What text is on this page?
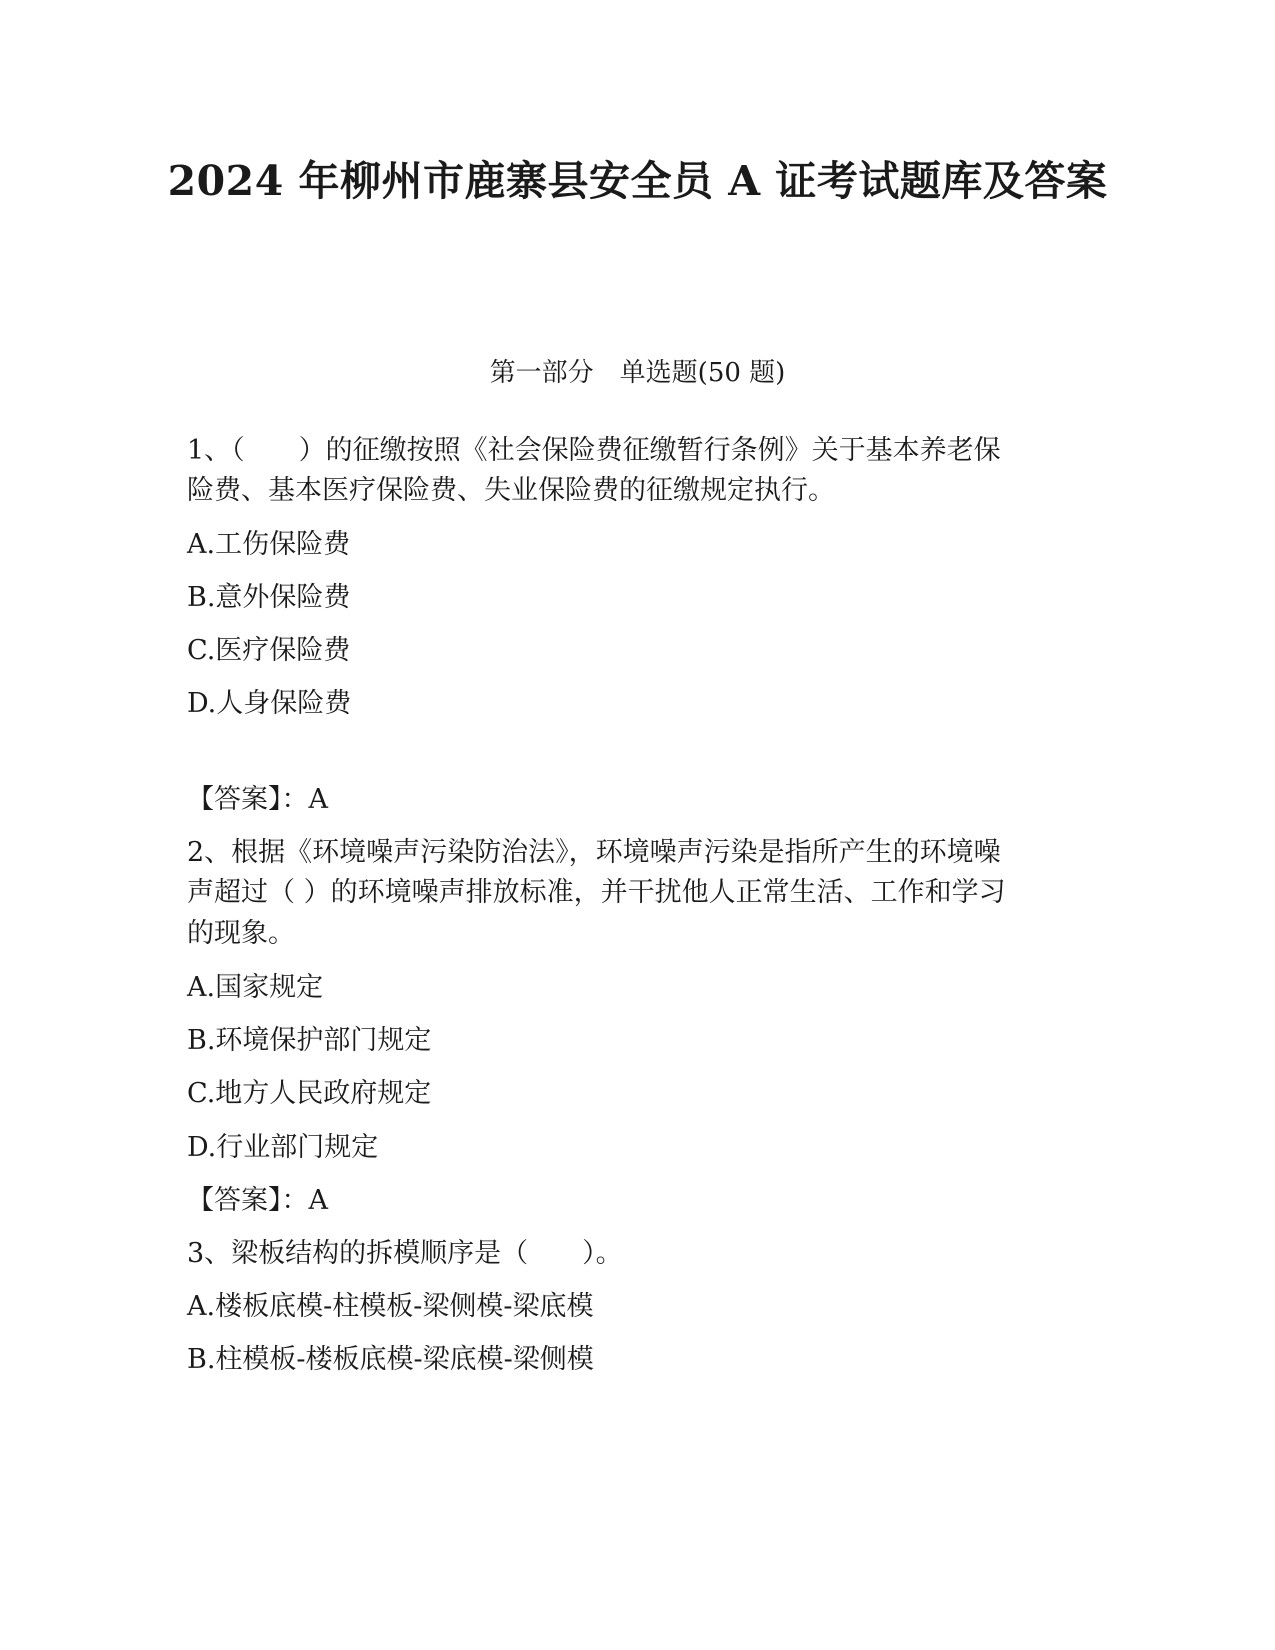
2024 年柳州市鹿寨县安全员 A 证考试题库及答案
第一部分　单选题(50 题)
1、（　　）的征缴按照《社会保险费征缴暂行条例》关于基本养老保
险费、基本医疗保险费、失业保险费的征缴规定执行。
A.工伤保险费
B.意外保险费
C.医疗保险费
D.人身保险费
【答案】：A
2、根据《环境噪声污染防治法》，环境噪声污染是指所产生的环境噪
声超过（ ）的环境噪声排放标准，并干扰他人正常生活、工作和学习
的现象。
A.国家规定
B.环境保护部门规定
C.地方人民政府规定
D.行业部门规定
【答案】：A
3、梁板结构的拆模顺序是（　　）。
A.楼板底模-柱模板-梁侧模-梁底模
B.柱模板-楼板底模-梁底模-梁侧模
